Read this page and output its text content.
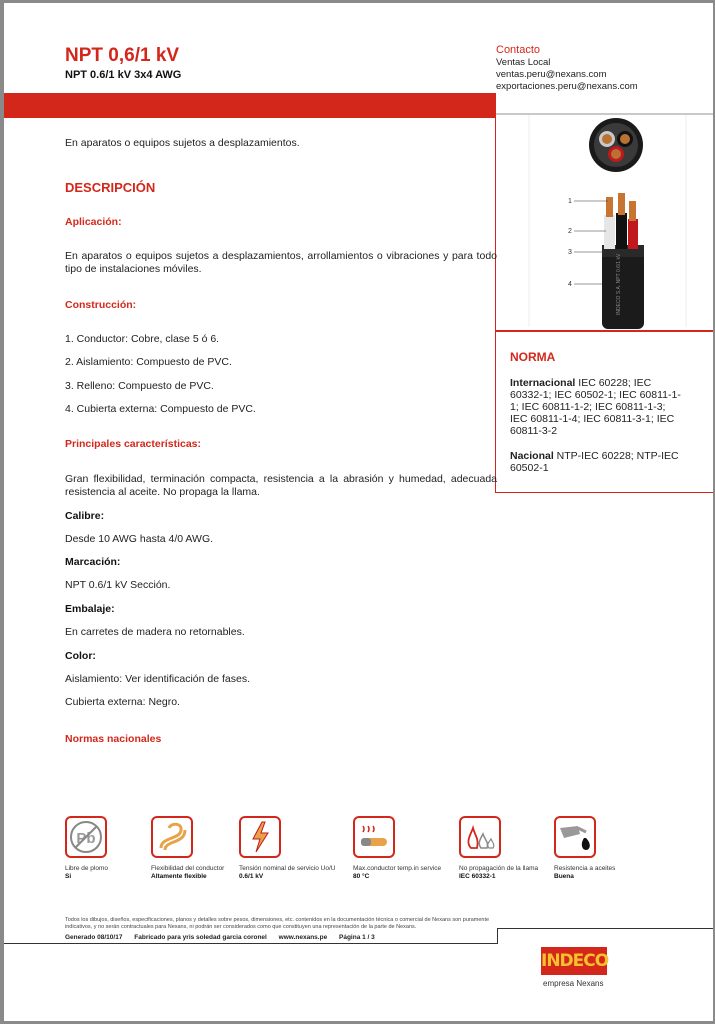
NPT 0,6/1 kV
NPT 0.6/1 kV 3x4 AWG
Contacto
Ventas Local
ventas.peru@nexans.com
exportaciones.peru@nexans.com
INDECO S.A. NPT 0.6/1 kV
1
2
3
4
NORMA
Internacional IEC 60228; IEC 60332-1; IEC 60502-1; IEC 60811-1-1; IEC 60811-1-2; IEC 60811-1-3; IEC 60811-1-4; IEC 60811-3-1; IEC 60811-3-2
Nacional NTP-IEC 60228; NTP-IEC 60502-1
En aparatos o equipos sujetos a desplazamientos.
DESCRIPCIÓN
Aplicación:
En aparatos o equipos sujetos a desplazamientos, arrollamientos o vibraciones y para todo tipo de instalaciones móviles.
Construcción:
1. Conductor: Cobre, clase 5 ó 6.
2. Aislamiento: Compuesto de PVC.
3. Relleno: Compuesto de PVC.
4. Cubierta externa: Compuesto de PVC.
Principales características:
Gran flexibilidad, terminación compacta, resistencia a la abrasión y humedad, adecuada resistencia al aceite. No propaga la llama.
Calibre:
Desde 10 AWG hasta 4/0 AWG.
Marcación:
NPT 0.6/1 kV Sección.
Embalaje:
En carretes de madera no retornables.
Color:
Aislamiento: Ver identificación de fases.
Cubierta externa: Negro.
Normas nacionales
Pb
Libre de plomo
Si
Flexibilidad del conductor
Altamente flexible
Tensión nominal de servicio Uo/U
0.6/1 kV
Max.conductor temp.in service
80 °C
No propagación de la llama
IEC 60332-1
Resistencia a aceites
Buena
Todos los dibujos, diseños, especificaciones, planos y detalles sobre pesos, dimensiones, etc. contenidos en la documentación técnica o comercial de Nexans son puramente indicativos, y no serán contractuales para Nexans, ni podrán ser considerados como que constituyen una representación de la parte de Nexans.
Generado 08/10/17 Fabricado para yris soledad garcia coronel www.nexans.pe Página 1 / 3
INDECO
empresa Nexans
